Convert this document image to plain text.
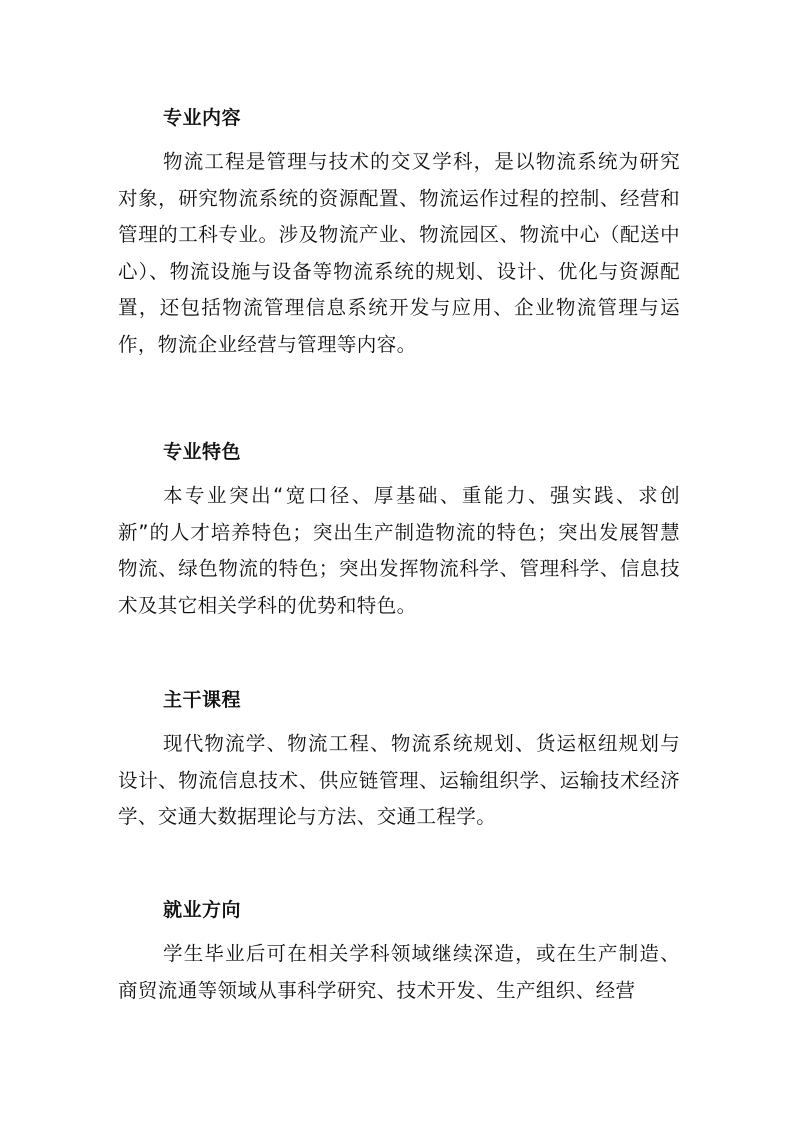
专业内容

物流工程是管理与技术的交叉学科，是以物流系统为研究对象，研究物流系统的资源配置、物流运作过程的控制、经营和管理的工科专业。涉及物流产业、物流园区、物流中心（配送中心）、物流设施与设备等物流系统的规划、设计、优化与资源配置，还包括物流管理信息系统开发与应用、企业物流管理与运作，物流企业经营与管理等内容。

专业特色

本专业突出“宽口径、厚基础、重能力、强实践、求创新”的人才培养特色；突出生产制造物流的特色；突出发展智慧物流、绿色物流的特色；突出发挥物流科学、管理科学、信息技术及其它相关学科的优势和特色。

主干课程

现代物流学、物流工程、物流系统规划、货运枢纽规划与设计、物流信息技术、供应链管理、运输组织学、运输技术经济学、交通大数据理论与方法、交通工程学。

就业方向

学生毕业后可在相关学科领域继续深造，或在生产制造、商贸流通等领域从事科学研究、技术开发、生产组织、经营
